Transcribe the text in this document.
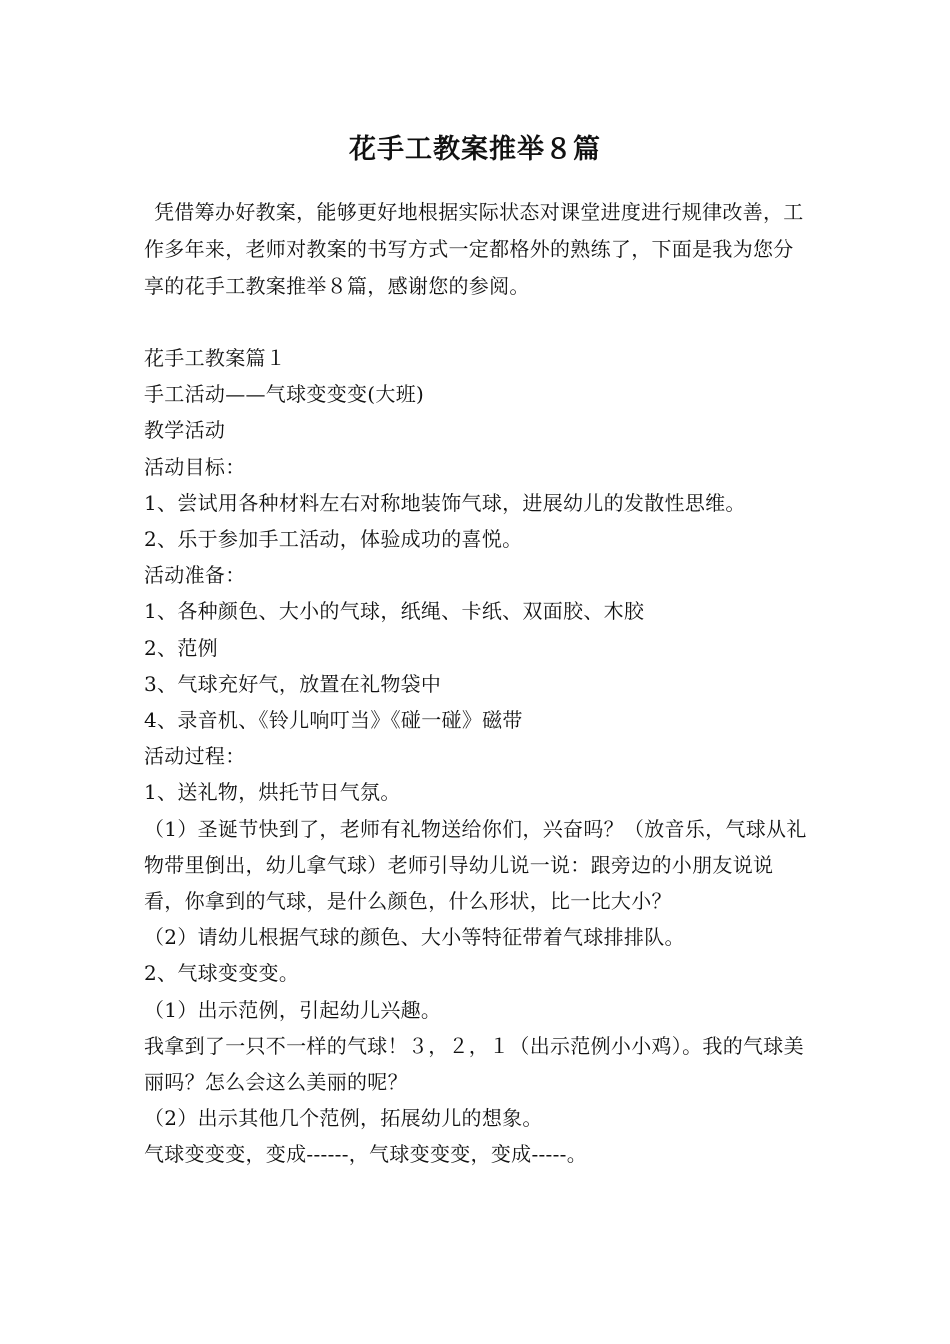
花手工教案推举８篇
凭借筹办好教案，能够更好地根据实际状态对课堂进度进行规律改善，工作多年来，老师对教案的书写方式一定都格外的熟练了，下面是我为您分享的花手工教案推举８篇，感谢您的参阅。
花手工教案篇１
手工活动——气球变变变(大班)
教学活动
活动目标：
1、尝试用各种材料左右对称地装饰气球，进展幼儿的发散性思维。
2、乐于参加手工活动，体验成功的喜悦。
活动准备：
1、各种颜色、大小的气球，纸绳、卡纸、双面胶、木胶
2、范例
3、气球充好气，放置在礼物袋中
4、录音机、《铃儿响叮当》《碰一碰》磁带
活动过程：
1、送礼物，烘托节日气氛。
（1）圣诞节快到了，老师有礼物送给你们，兴奋吗？（放音乐，气球从礼物带里倒出，幼儿拿气球）老师引导幼儿说一说：跟旁边的小朋友说说看，你拿到的气球，是什么颜色，什么形状，比一比大小？
（2）请幼儿根据气球的颜色、大小等特征带着气球排排队。
2、气球变变变。
（1）出示范例，引起幼儿兴趣。
我拿到了一只不一样的气球！３，２，１（出示范例小小鸡）。我的气球美丽吗？怎么会这么美丽的呢？
（2）出示其他几个范例，拓展幼儿的想象。
气球变变变，变成------，气球变变变，变成-----。
